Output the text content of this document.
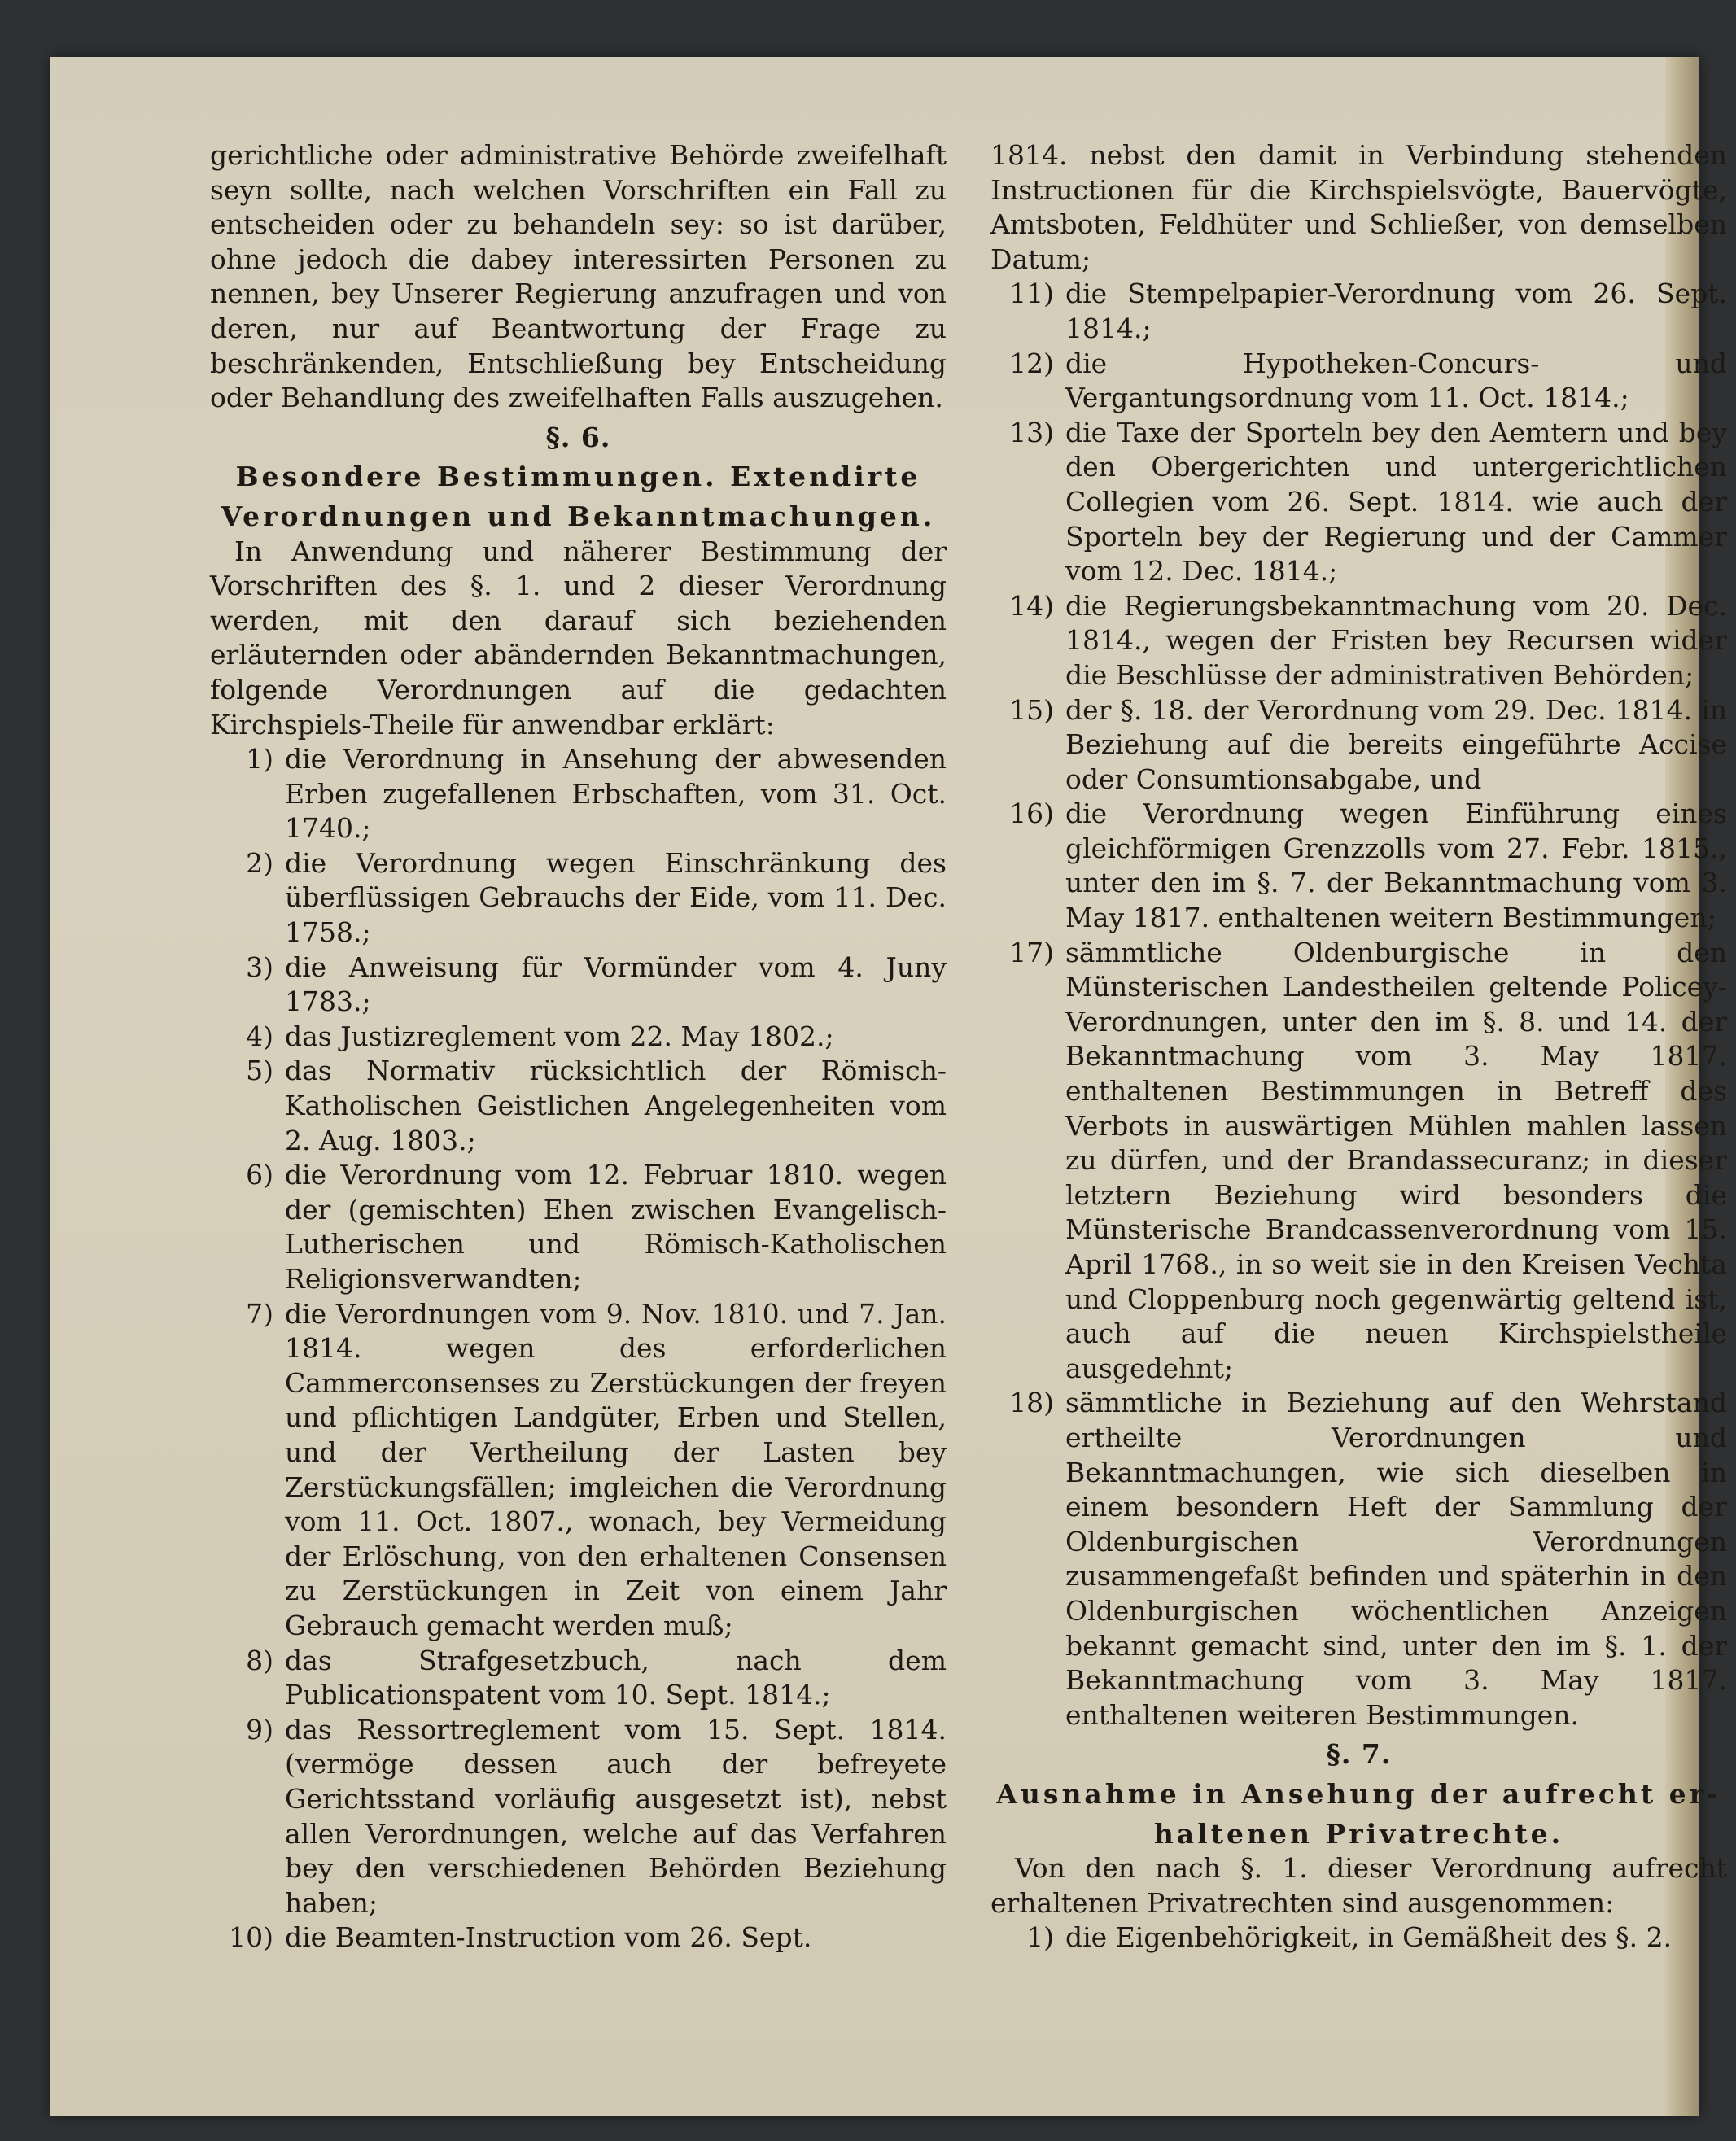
gerichtliche oder administrative Behörde zweifelhaft seyn sollte, nach welchen Vorschriften ein Fall zu entscheiden oder zu behandeln sey: so ist darüber, ohne jedoch die dabey interessirten Personen zu nennen, bey Unserer Regierung anzufragen und von deren, nur auf Beantwortung der Frage zu beschränkenden, Entschließung bey Entscheidung oder Behandlung des zweifelhaften Falls auszugehen.

§. 6.

Besondere Bestimmungen. Extendirte

Verordnungen und Bekanntmachungen.

In Anwendung und näherer Bestimmung der Vorschriften des §. 1. und 2 dieser Verordnung werden, mit den darauf sich beziehenden erläuternden oder abändernden Bekanntmachungen, folgende Verordnungen auf die gedachten Kirchspiels-Theile für anwendbar erklärt:

1) die Verordnung in Ansehung der abwesenden Erben zugefallenen Erbschaften, vom 31. Oct. 1740.;
2) die Verordnung wegen Einschränkung des überflüssigen Gebrauchs der Eide, vom 11. Dec. 1758.;
3) die Anweisung für Vormünder vom 4. Juny 1783.;
4) das Justizreglement vom 22. May 1802.;
5) das Normativ rücksichtlich der Römisch-Katholischen Geistlichen Angelegenheiten vom 2. Aug. 1803.;
6) die Verordnung vom 12. Februar 1810. wegen der (gemischten) Ehen zwischen Evangelisch-Lutherischen und Römisch-Katholischen Religionsverwandten;
7) die Verordnungen vom 9. Nov. 1810. und 7. Jan. 1814. wegen des erforderlichen Cammerconsenses zu Zerstückungen der freyen und pflichtigen Landgüter, Erben und Stellen, und der Vertheilung der Lasten bey Zerstückungsfällen; imgleichen die Verordnung vom 11. Oct. 1807., wonach, bey Vermeidung der Erlöschung, von den erhaltenen Consensen zu Zerstückungen in Zeit von einem Jahr Gebrauch gemacht werden muß;
8) das Strafgesetzbuch, nach dem Publicationspatent vom 10. Sept. 1814.;
9) das Ressortreglement vom 15. Sept. 1814. (vermöge dessen auch der befreyete Gerichtsstand vorläufig ausgesetzt ist), nebst allen Verordnungen, welche auf das Verfahren bey den verschiedenen Behörden Beziehung haben;
10) die Beamten-Instruction vom 26. Sept.

1814. nebst den damit in Verbindung stehenden Instructionen für die Kirchspielsvögte, Bauervögte, Amtsboten, Feldhüter und Schließer, von demselben Datum;

11) die Stempelpapier-Verordnung vom 26. Sept. 1814.;
12) die Hypotheken-Concurs- und Vergantungsordnung vom 11. Oct. 1814.;
13) die Taxe der Sporteln bey den Aemtern und bey den Obergerichten und untergerichtlichen Collegien vom 26. Sept. 1814. wie auch der Sporteln bey der Regierung und der Cammer vom 12. Dec. 1814.;
14) die Regierungsbekanntmachung vom 20. Dec. 1814., wegen der Fristen bey Recursen wider die Beschlüsse der administrativen Behörden;
15) der §. 18. der Verordnung vom 29. Dec. 1814. in Beziehung auf die bereits eingeführte Accise oder Consumtionsabgabe, und
16) die Verordnung wegen Einführung eines gleichförmigen Grenzzolls vom 27. Febr. 1815., unter den im §. 7. der Bekanntmachung vom 3. May 1817. enthaltenen weitern Bestimmungen;
17) sämmtliche Oldenburgische in den Münsterischen Landestheilen geltende Policey-Verordnungen, unter den im §. 8. und 14. der Bekanntmachung vom 3. May 1817. enthaltenen Bestimmungen in Betreff des Verbots in auswärtigen Mühlen mahlen lassen zu dürfen, und der Brandassecuranz; in dieser letztern Beziehung wird besonders die Münsterische Brandcassenverordnung vom 15. April 1768., in so weit sie in den Kreisen Vechta und Cloppenburg noch gegenwärtig geltend ist, auch auf die neuen Kirchspielstheile ausgedehnt;
18) sämmtliche in Beziehung auf den Wehrstand ertheilte Verordnungen und Bekanntmachungen, wie sich dieselben in einem besondern Heft der Sammlung der Oldenburgischen Verordnungen zusammengefaßt befinden und späterhin in den Oldenburgischen wöchentlichen Anzeigen bekannt gemacht sind, unter den im §. 1. der Bekanntmachung vom 3. May 1817. enthaltenen weiteren Bestimmungen.

§. 7.

Ausnahme in Ansehung der aufrecht er-

haltenen Privatrechte.

Von den nach §. 1. dieser Verordnung aufrecht erhaltenen Privatrechten sind ausgenommen:

1) die Eigenbehörigkeit, in Gemäßheit des §. 2.
